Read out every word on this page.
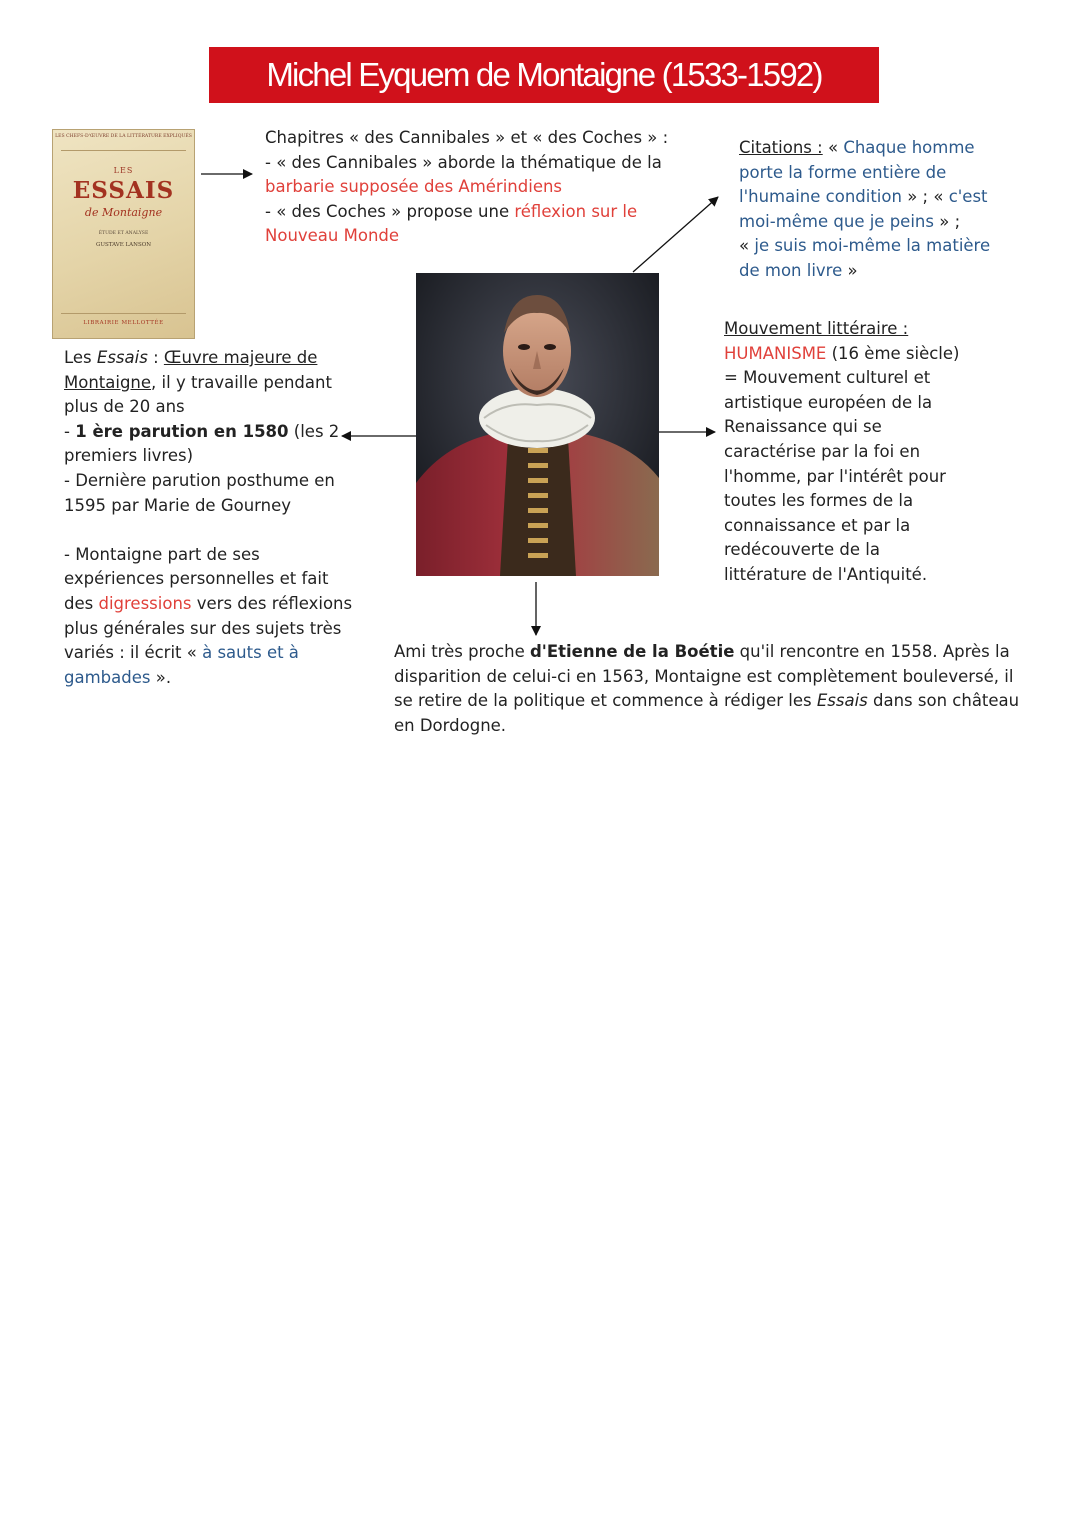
Michel Eyquem de Montaigne (1533-1592)
LES CHEFS-D'ŒUVRE DE LA LITTÉRATURE EXPLIQUÉS
LES
ESSAIS
de Montaigne
ÉTUDE ET ANALYSE
GUSTAVE LANSON
LIBRAIRIE MELLOTTÉE
Chapitres « des Cannibales » et « des Coches » :
- « des Cannibales » aborde la thématique de la
barbarie supposée des Amérindiens
- « des Coches » propose une réflexion sur le
Nouveau Monde
Citations : « Chaque homme
porte la forme entière de
l'humaine condition » ; « c'est
moi-même que je peins » ;
« je suis moi-même la matière
de mon livre »
Les Essais : Œuvre majeure de
Montaigne, il y travaille pendant
plus de 20 ans
- 1 ère parution en 1580 (les 2
premiers livres)
- Dernière parution posthume en
1595 par Marie de Gourney

- Montaigne part de ses
expériences personnelles et fait
des digressions vers des réflexions
plus générales sur des sujets très
variés : il écrit « à sauts et à
gambades ».
Mouvement littéraire :
HUMANISME (16 ème siècle)
= Mouvement culturel et
artistique européen de la
Renaissance qui se
caractérise par la foi en
l'homme, par l'intérêt pour
toutes les formes de la
connaissance et par la
redécouverte de la
littérature de l'Antiquité.
Ami très proche d'Etienne de la Boétie qu'il rencontre en 1558. Après la
disparition de celui-ci en 1563, Montaigne est complètement bouleversé, il
se retire de la politique et commence à rédiger les Essais dans son château
en Dordogne.
